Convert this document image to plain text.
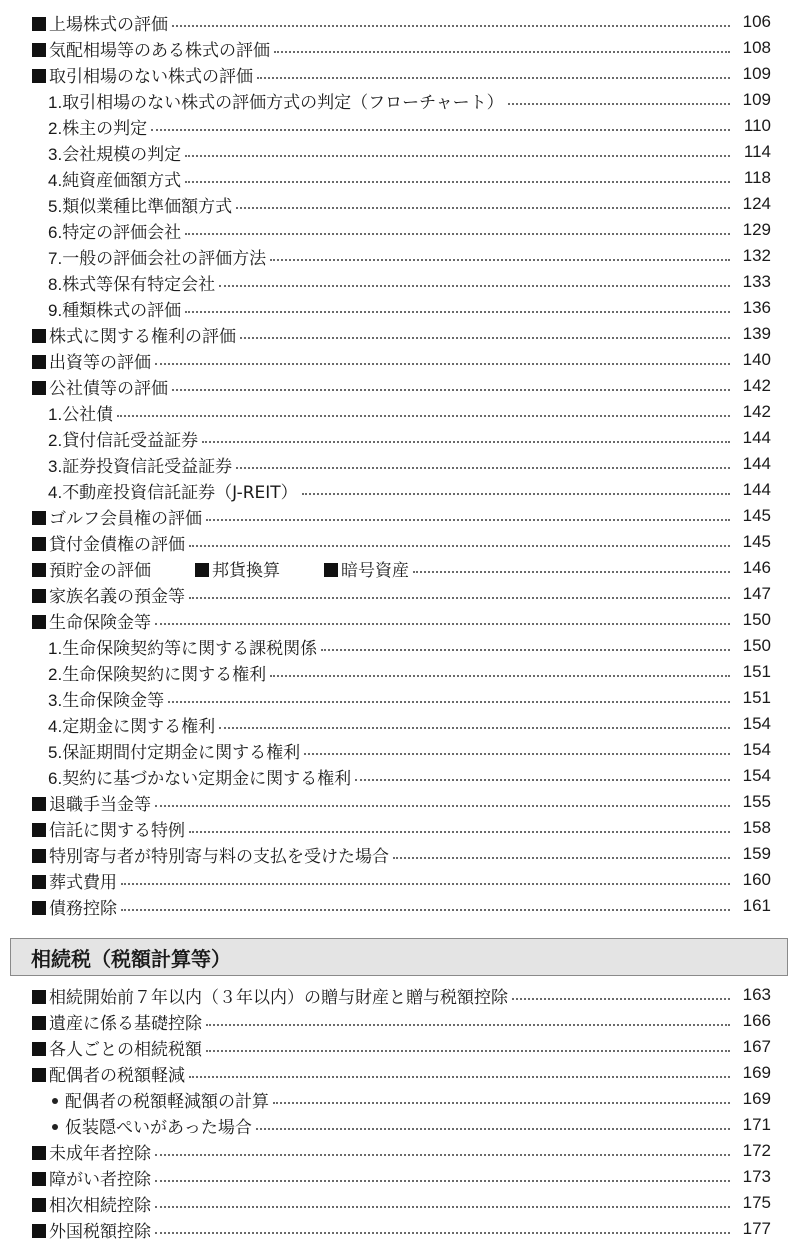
上場株式の評価	106
気配相場等のある株式の評価	108
取引相場のない株式の評価	109
1.取引相場のない株式の評価方式の判定（フローチャート）	109
2.株主の判定	110
3.会社規模の判定	114
4.純資産価額方式	118
5.類似業種比準価額方式	124
6.特定の評価会社	129
7.一般の評価会社の評価方法	132
8.株式等保有特定会社	133
9.種類株式の評価	136
株式に関する権利の評価	139
出資等の評価	140
公社債等の評価	142
1.公社債	142
2.貸付信託受益証券	144
3.証券投資信託受益証券	144
4.不動産投資信託証券（J-REIT）	144
ゴルフ会員権の評価	145
貸付金債権の評価	145
預貯金の評価	邦貨換算	暗号資産	146
家族名義の預金等	147
生命保険金等	150
1.生命保険契約等に関する課税関係	150
2.生命保険契約に関する権利	151
3.生命保険金等	151
4.定期金に関する権利	154
5.保証期間付定期金に関する権利	154
6.契約に基づかない定期金に関する権利	154
退職手当金等	155
信託に関する特例	158
特別寄与者が特別寄与料の支払を受けた場合	159
葬式費用	160
債務控除	161
相続税（税額計算等）
相続開始前７年以内（３年以内）の贈与財産と贈与税額控除	163
遺産に係る基礎控除	166
各人ごとの相続税額	167
配偶者の税額軽減	169
配偶者の税額軽減額の計算	169
仮装隠ぺいがあった場合	171
未成年者控除	172
障がい者控除	173
相次相続控除	175
外国税額控除	177
